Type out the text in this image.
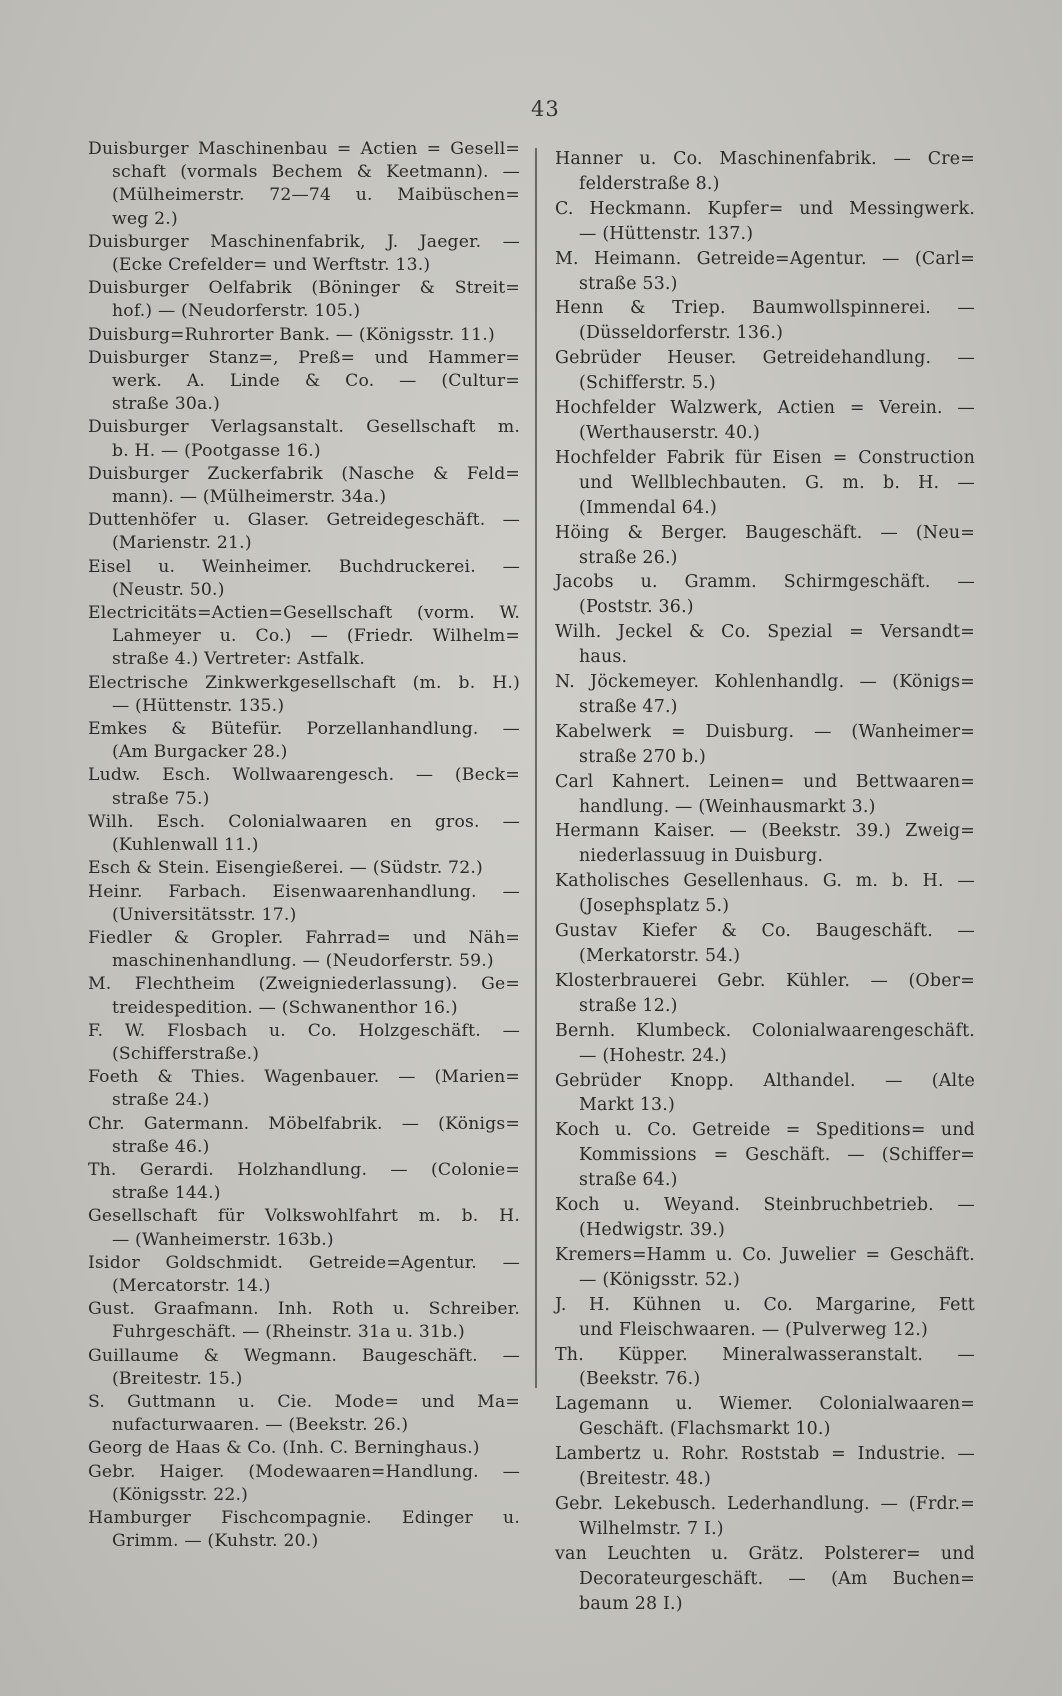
43
Duisburger Maschinenbau = Actien = Gesell=
schaft (vormals Bechem & Keetmann). —
(Mülheimerstr. 72—74 u. Maibüschen=
weg 2.)
Duisburger Maschinenfabrik, J. Jaeger. —
(Ecke Crefelder= und Werftstr. 13.)
Duisburger Oelfabrik (Böninger & Streit=
hof.) — (Neudorferstr. 105.)
Duisburg=Ruhrorter Bank. — (Königsstr. 11.)
Duisburger Stanz=, Preß= und Hammer=
werk. A. Linde & Co. — (Cultur=
straße 30a.)
Duisburger Verlagsanstalt. Gesellschaft m.
b. H. — (Pootgasse 16.)
Duisburger Zuckerfabrik (Nasche & Feld=
mann). — (Mülheimerstr. 34a.)
Duttenhöfer u. Glaser. Getreidegeschäft. —
(Marienstr. 21.)
Eisel u. Weinheimer. Buchdruckerei. —
(Neustr. 50.)
Electricitäts=Actien=Gesellschaft (vorm. W.
Lahmeyer u. Co.) — (Friedr. Wilhelm=
straße 4.) Vertreter: Astfalk.
Electrische Zinkwerkgesellschaft (m. b. H.)
— (Hüttenstr. 135.)
Emkes & Bütefür. Porzellanhandlung. —
(Am Burgacker 28.)
Ludw. Esch. Wollwaarengesch. — (Beck=
straße 75.)
Wilh. Esch. Colonialwaaren en gros. —
(Kuhlenwall 11.)
Esch & Stein. Eisengießerei. — (Südstr. 72.)
Heinr. Farbach. Eisenwaarenhandlung. —
(Universitätsstr. 17.)
Fiedler & Gropler. Fahrrad= und Näh=
maschinenhandlung. — (Neudorferstr. 59.)
M. Flechtheim (Zweigniederlassung). Ge=
treidespedition. — (Schwanenthor 16.)
F. W. Flosbach u. Co. Holzgeschäft. —
(Schifferstraße.)
Foeth & Thies. Wagenbauer. — (Marien=
straße 24.)
Chr. Gatermann. Möbelfabrik. — (Königs=
straße 46.)
Th. Gerardi. Holzhandlung. — (Colonie=
straße 144.)
Gesellschaft für Volkswohlfahrt m. b. H.
— (Wanheimerstr. 163b.)
Isidor Goldschmidt. Getreide=Agentur. —
(Mercatorstr. 14.)
Gust. Graafmann. Inh. Roth u. Schreiber.
Fuhrgeschäft. — (Rheinstr. 31a u. 31b.)
Guillaume & Wegmann. Baugeschäft. —
(Breitestr. 15.)
S. Guttmann u. Cie. Mode= und Ma=
nufacturwaaren. — (Beekstr. 26.)
Georg de Haas & Co. (Inh. C. Berninghaus.)
Gebr. Haiger. (Modewaaren=Handlung. —
(Königsstr. 22.)
Hamburger Fischcompagnie. Edinger u.
Grimm. — (Kuhstr. 20.)
Hanner u. Co. Maschinenfabrik. — Cre=
felderstraße 8.)
C. Heckmann. Kupfer= und Messingwerk.
— (Hüttenstr. 137.)
M. Heimann. Getreide=Agentur. — (Carl=
straße 53.)
Henn & Triep. Baumwollspinnerei. —
(Düsseldorferstr. 136.)
Gebrüder Heuser. Getreidehandlung. —
(Schifferstr. 5.)
Hochfelder Walzwerk, Actien = Verein. —
(Werthauserstr. 40.)
Hochfelder Fabrik für Eisen = Construction
und Wellblechbauten. G. m. b. H. —
(Immendal 64.)
Höing & Berger. Baugeschäft. — (Neu=
straße 26.)
Jacobs u. Gramm. Schirmgeschäft. —
(Poststr. 36.)
Wilh. Jeckel & Co. Spezial = Versandt=
haus.
N. Jöckemeyer. Kohlenhandlg. — (Königs=
straße 47.)
Kabelwerk = Duisburg. — (Wanheimer=
straße 270 b.)
Carl Kahnert. Leinen= und Bettwaaren=
handlung. — (Weinhausmarkt 3.)
Hermann Kaiser. — (Beekstr. 39.) Zweig=
niederlassuug in Duisburg.
Katholisches Gesellenhaus. G. m. b. H. —
(Josephsplatz 5.)
Gustav Kiefer & Co. Baugeschäft. —
(Merkatorstr. 54.)
Klosterbrauerei Gebr. Kühler. — (Ober=
straße 12.)
Bernh. Klumbeck. Colonialwaarengeschäft.
— (Hohestr. 24.)
Gebrüder Knopp. Althandel. — (Alte
Markt 13.)
Koch u. Co. Getreide = Speditions= und
Kommissions = Geschäft. — (Schiffer=
straße 64.)
Koch u. Weyand. Steinbruchbetrieb. —
(Hedwigstr. 39.)
Kremers=Hamm u. Co. Juwelier = Geschäft.
— (Königsstr. 52.)
J. H. Kühnen u. Co. Margarine, Fett
und Fleischwaaren. — (Pulverweg 12.)
Th. Küpper. Mineralwasseranstalt. —
(Beekstr. 76.)
Lagemann u. Wiemer. Colonialwaaren=
Geschäft. (Flachsmarkt 10.)
Lambertz u. Rohr. Roststab = Industrie. —
(Breitestr. 48.)
Gebr. Lekebusch. Lederhandlung. — (Frdr.=
Wilhelmstr. 7 I.)
van Leuchten u. Grätz. Polsterer= und
Decorateurgeschäft. — (Am Buchen=
baum 28 I.)
